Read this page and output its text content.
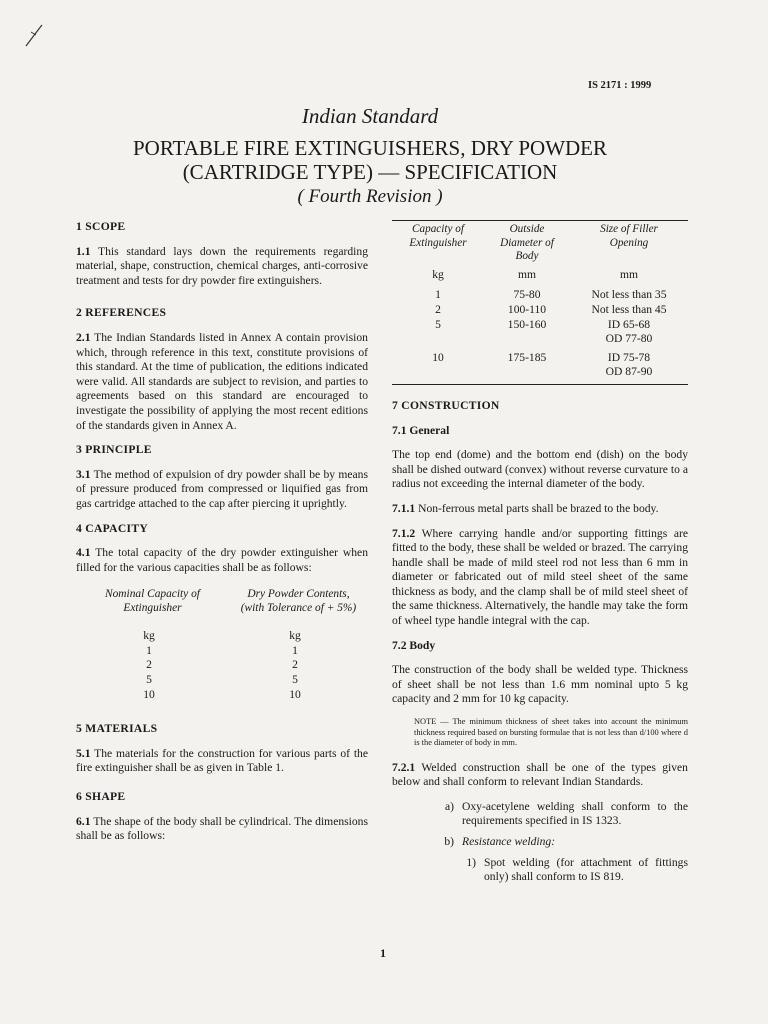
IS 2171 : 1999
Indian Standard
PORTABLE FIRE EXTINGUISHERS, DRY POWDER
(CARTRIDGE TYPE) — SPECIFICATION
( Fourth Revision )
1 SCOPE

1.1 This standard lays down the requirements regarding material, shape, construction, chemical charges, anti-corrosive treatment and tests for dry powder fire extinguishers.

2 REFERENCES

2.1 The Indian Standards listed in Annex A contain provision which, through reference in this text, constitute provisions of this standard. At the time of publication, the editions indicated were valid. All standards are subject to revision, and parties to agreements based on this standard are encouraged to investigate the possibility of applying the most recent editions of the standards given in Annex A.

3 PRINCIPLE

3.1 The method of expulsion of dry powder shall be by means of pressure produced from compressed or liquified gas from gas cartridge attached to the cap after piercing it uprightly.

4 CAPACITY

4.1 The total capacity of the dry powder extinguisher when filled for the various capacities shall be as follows:

Nominal Capacity of Extinguisher
Dry Powder Contents, (with Tolerance of + 5%)
kg	kg
1	1
2	2
5	5
10	10
5 MATERIALS

5.1 The materials for the construction for various parts of the fire extinguisher shall be as given in Table 1.

6 SHAPE

6.1 The shape of the body shall be cylindrical. The dimensions shall be as follows:

Capacity of Extinguisher
Outside Diameter of Body
Size of Filler Opening
kg	mm	mm
1	75-80	Not less than 35
2	100-110	Not less than 45
5	150-160	ID 65-68
OD 77-80
10	175-185	ID 75-78
OD 87-90
7 CONSTRUCTION
7.1 General

The top end (dome) and the bottom end (dish) on the body shall be dished outward (convex) without reverse curvature to a radius not exceeding the internal diameter of the body.

7.1.1 Non-ferrous metal parts shall be brazed to the body.

7.1.2 Where carrying handle and/or supporting fittings are fitted to the body, these shall be welded or brazed. The carrying handle shall be made of mild steel rod not less than 6 mm in diameter or fabricated out of mild steel sheet of the same thickness as body, and the clamp shall be of mild steel sheet of the same thickness. Alternatively, the handle may take the form of wheel type handle integral with the cap.

7.2 Body

The construction of the body shall be welded type. Thickness of sheet shall be not less than 1.6 mm nominal upto 5 kg capacity and 2 mm for 10 kg capacity.

NOTE — The minimum thickness of sheet takes into account the minimum thickness required based on bursting formulae that is not less than d/100 where d is the diameter of body in mm.

7.2.1 Welded construction shall be one of the types given below and shall conform to relevant Indian Standards.

a) Oxy-acetylene welding shall conform to the requirements specified in IS 1323.
b) Resistance welding:
1) Spot welding (for attachment of fittings only) shall conform to IS 819.
1
